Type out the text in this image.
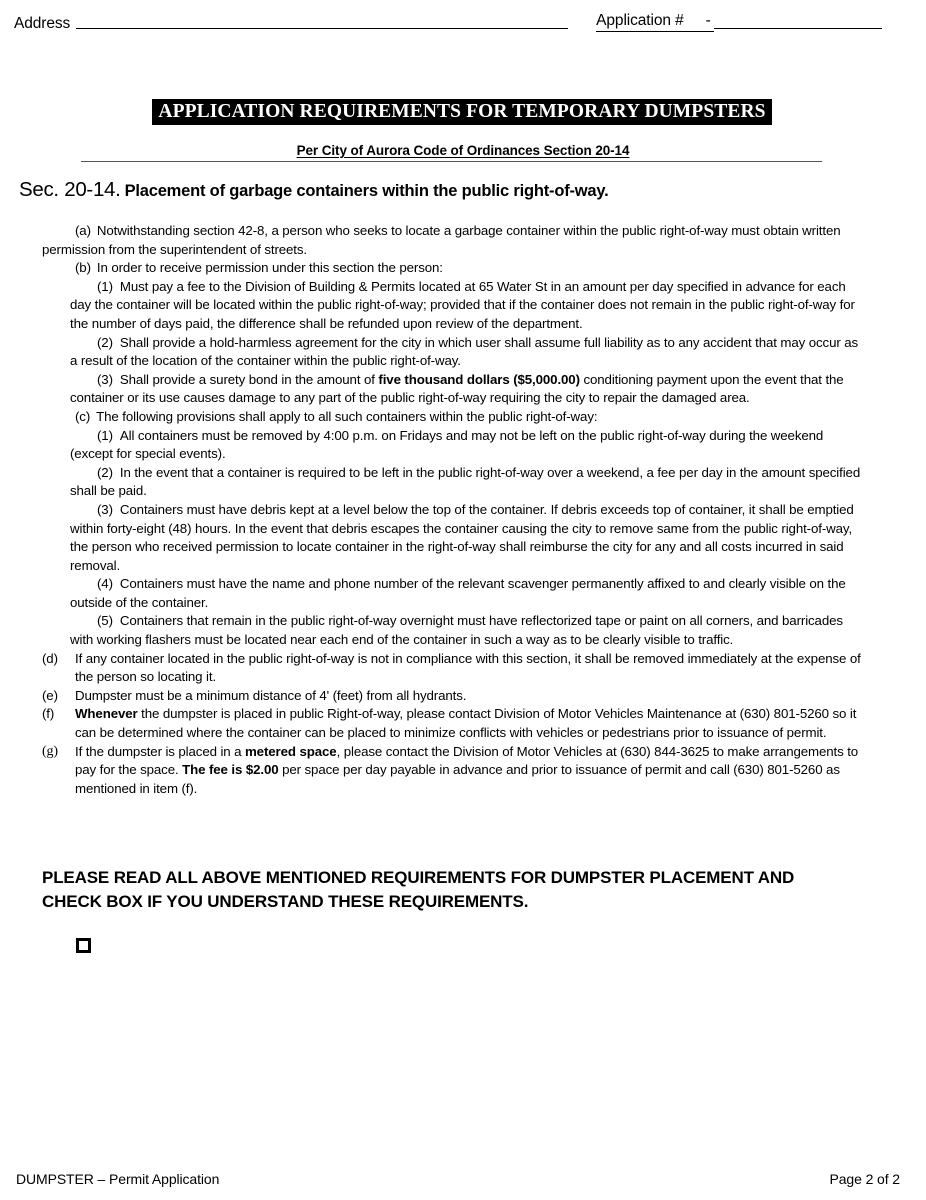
Address	Application #	-
APPLICATION REQUIREMENTS FOR TEMPORARY DUMPSTERS
Per City of Aurora Code of Ordinances Section 20-14
Sec. 20-14. Placement of garbage containers within the public right-of-way.
(a) Notwithstanding section 42-8, a person who seeks to locate a garbage container within the public right-of-way must obtain written permission from the superintendent of streets.
(b) In order to receive permission under this section the person:
(1) Must pay a fee to the Division of Building & Permits located at 65 Water St in an amount per day specified in advance for each day the container will be located within the public right-of-way; provided that if the container does not remain in the public right-of-way for the number of days paid, the difference shall be refunded upon review of the department.
(2) Shall provide a hold-harmless agreement for the city in which user shall assume full liability as to any accident that may occur as a result of the location of the container within the public right-of-way.
(3) Shall provide a surety bond in the amount of five thousand dollars ($5,000.00) conditioning payment upon the event that the container or its use causes damage to any part of the public right-of-way requiring the city to repair the damaged area.
(c) The following provisions shall apply to all such containers within the public right-of-way:
(1) All containers must be removed by 4:00 p.m. on Fridays and may not be left on the public right-of-way during the weekend (except for special events).
(2) In the event that a container is required to be left in the public right-of-way over a weekend, a fee per day in the amount specified shall be paid.
(3) Containers must have debris kept at a level below the top of the container. If debris exceeds top of container, it shall be emptied within forty-eight (48) hours. In the event that debris escapes the container causing the city to remove same from the public right-of-way, the person who received permission to locate container in the right-of-way shall reimburse the city for any and all costs incurred in said removal.
(4) Containers must have the name and phone number of the relevant scavenger permanently affixed to and clearly visible on the outside of the container.
(5) Containers that remain in the public right-of-way overnight must have reflectorized tape or paint on all corners, and barricades with working flashers must be located near each end of the container in such a way as to be clearly visible to traffic.
(d)	If any container located in the public right-of-way is not in compliance with this section, it shall be removed immediately at the expense of the person so locating it.
(e)	Dumpster must be a minimum distance of 4' (feet) from all hydrants.
(f)	Whenever the dumpster is placed in public Right-of-way, please contact Division of Motor Vehicles Maintenance at (630) 801-5260 so it can be determined where the container can be placed to minimize conflicts with vehicles or pedestrians prior to issuance of permit.
(g)	If the dumpster is placed in a metered space, please contact the Division of Motor Vehicles at (630) 844-3625 to make arrangements to pay for the space. The fee is $2.00 per space per day payable in advance and prior to issuance of permit and call (630) 801-5260 as mentioned in item (f).
PLEASE READ ALL ABOVE MENTIONED REQUIREMENTS FOR DUMPSTER PLACEMENT AND CHECK BOX IF YOU UNDERSTAND THESE REQUIREMENTS.
DUMPSTER – Permit Application	Page 2 of 2
